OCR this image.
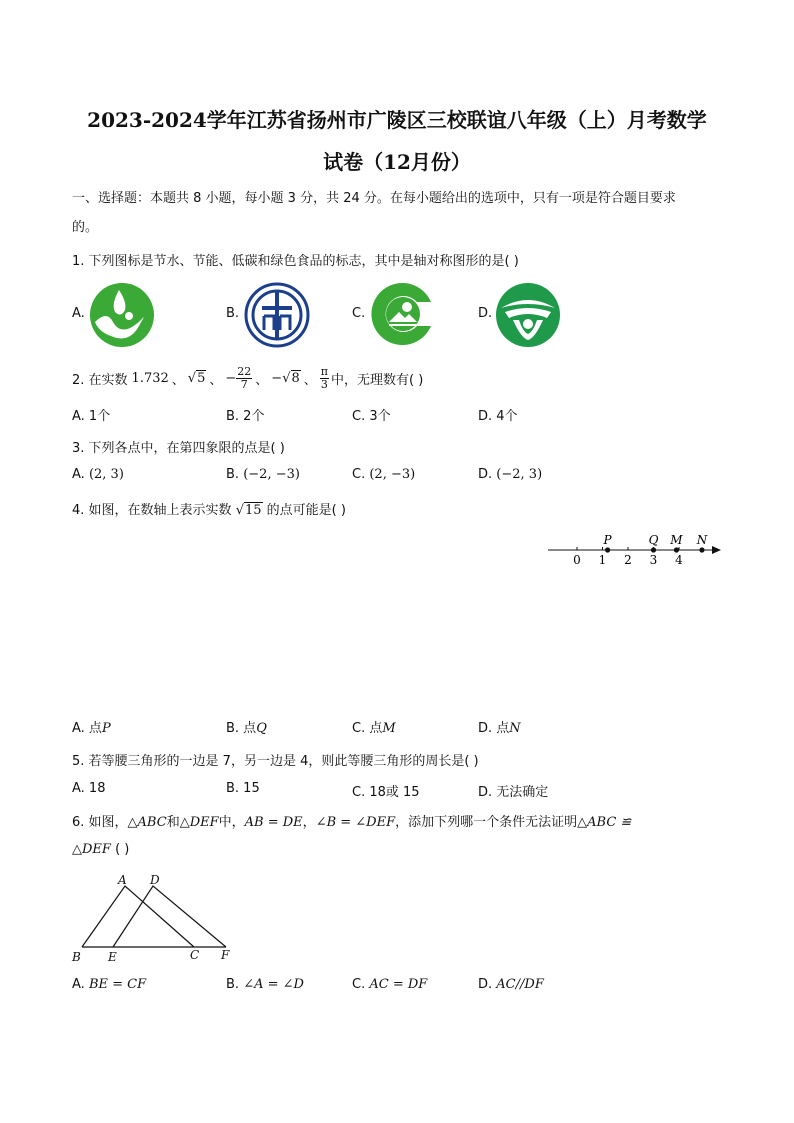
2023-2024学年江苏省扬州市广陵区三校联谊八年级（上）月考数学
试卷（12月份）
一、选择题：本题共 8 小题，每小题 3 分，共 24 分。在每小题给出的选项中，只有一项是符合题目要求
的。
1. 下列图标是节水、节能、低碳和绿色食品的标志，其中是轴对称图形的是( )
A.	B.	C.	D.
2. 在实数 1.732 、 √5 、 − $\frac{22}{7}$ 、 − √8 、 $\frac{\pi}{3}$ 中，无理数有( )
A. 1个	B. 2个	C. 3个	D. 4个
3. 下列各点中，在第四象限的点是( )
A. (2, 3)	B. (−2, −3)	C. (2, −3)	D. (−2, 3)
4. 如图，在数轴上表示实数 √15 的点可能是( )
0 1 2 3 4
P	Q M N
A. 点P	B. 点Q	C. 点M	D. 点N
5. 若等腰三角形的一边是 7，另一边是 4，则此等腰三角形的周长是( )
A. 18	B. 15	C. 18或 15	D. 无法确定
6. 如图，△ABC和△DEF中，AB = DE，∠B = ∠DEF，添加下列哪一个条件无法证明△ABC ≌
△DEF ( )
A D
B E	C F
A. BE = CF	B. ∠A = ∠D	C. AC = DF	D. AC//DF
